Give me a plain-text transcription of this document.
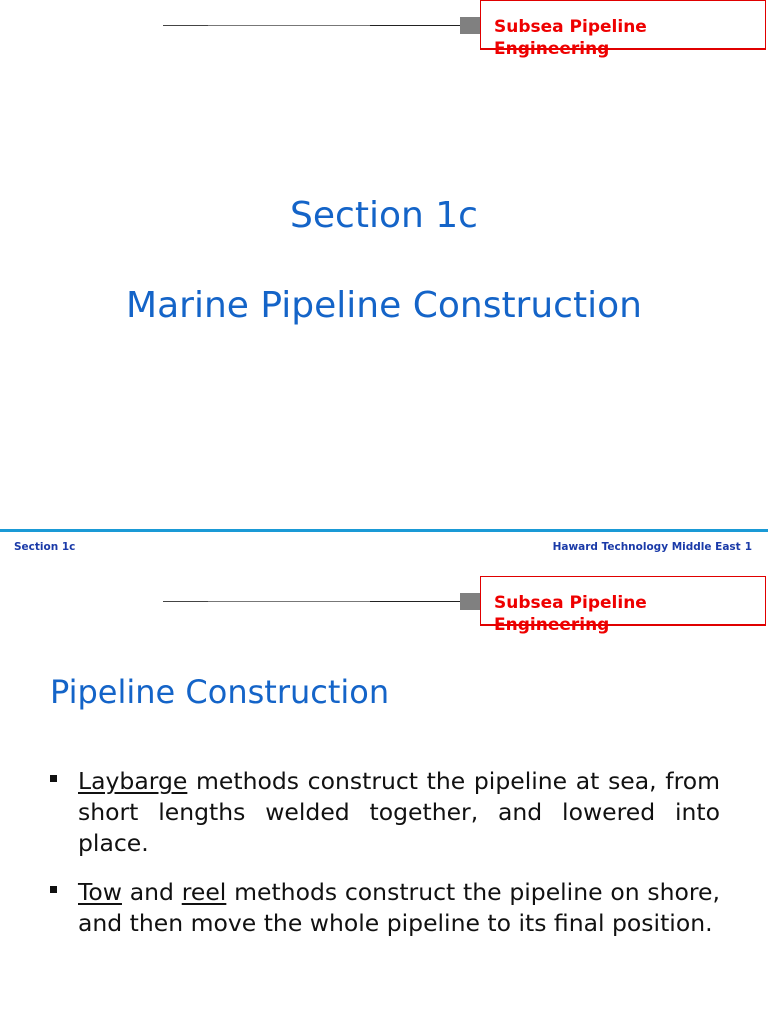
Subsea Pipeline Engineering
Section 1c
Marine Pipeline Construction
Section 1c	Haward Technology Middle East 1
Subsea Pipeline Engineering
Pipeline Construction
Laybarge methods construct the pipeline at sea, from short lengths welded together, and lowered into place.
Tow and reel methods construct the pipeline on shore, and then move the whole pipeline to its final position.
